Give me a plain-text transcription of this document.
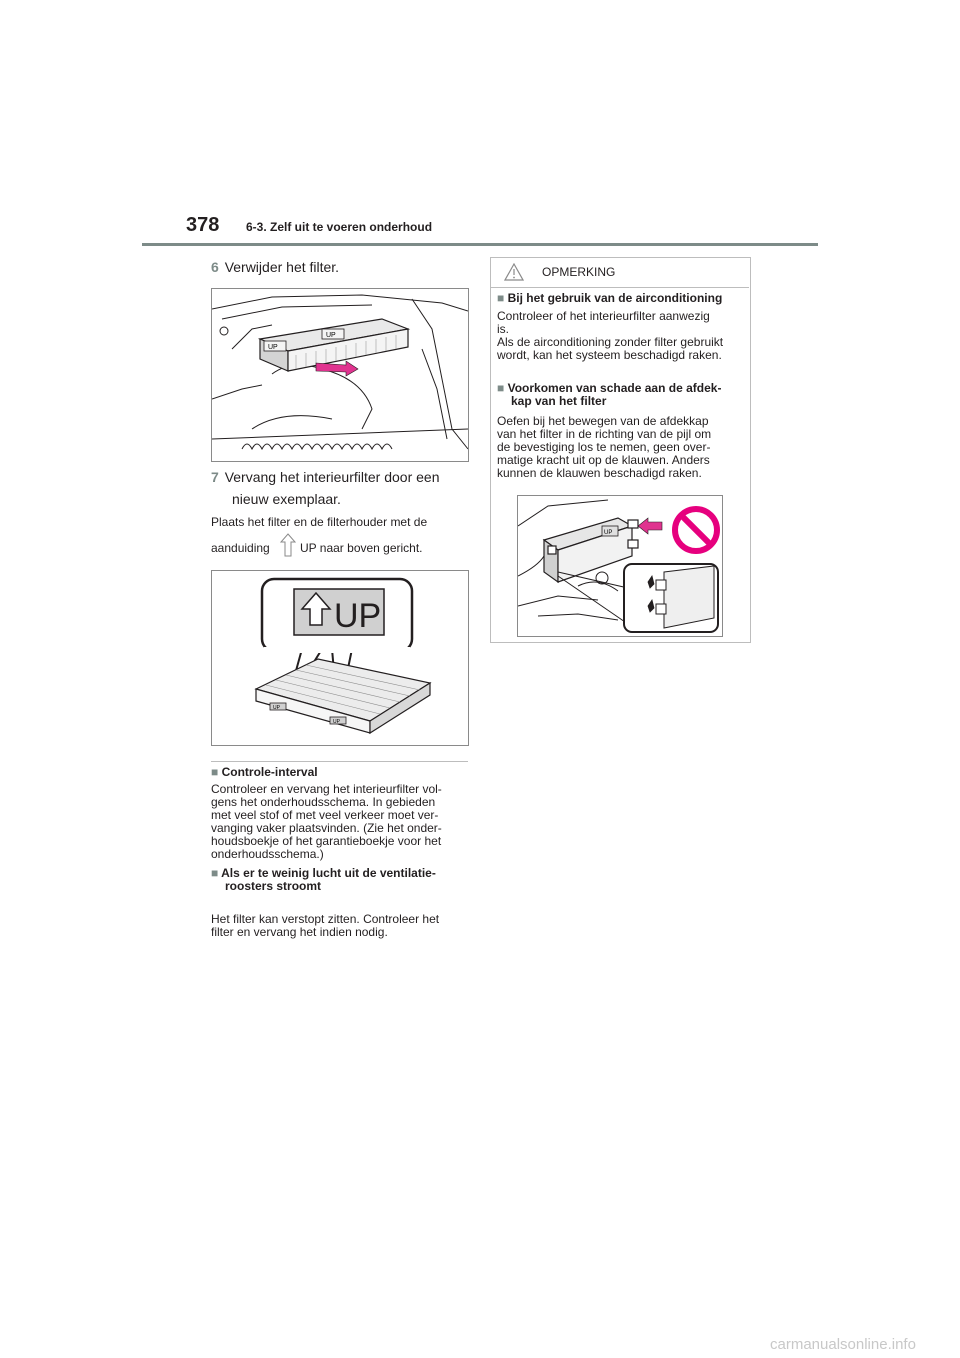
378 6-3. Zelf uit te voeren onderhoud
6 Verwijder het filter.
UP
UP
7 Vervang het interieurfilter door een
nieuw exemplaar.
Plaats het filter en de filterhouder met de
aanduiding	UP naar boven gericht.
UP
UP
UP
■ Controle-interval
Controleer en vervang het interieurfilter vol-
gens het onderhoudsschema. In gebieden
met veel stof of met veel verkeer moet ver-
vanging vaker plaatsvinden. (Zie het onder-
houdsboekje of het garantieboekje voor het
onderhoudsschema.)
■ Als er te weinig lucht uit de ventilatie-
roosters stroomt
Het filter kan verstopt zitten. Controleer het
filter en vervang het indien nodig.
OPMERKING
■ Bij het gebruik van de airconditioning
Controleer of het interieurfilter aanwezig
is.
Als de airconditioning zonder filter gebruikt
wordt, kan het systeem beschadigd raken.
■ Voorkomen van schade aan de afdek-
kap van het filter
Oefen bij het bewegen van de afdekkap
van het filter in de richting van de pijl om
de bevestiging los te nemen, geen over-
matige kracht uit op de klauwen. Anders
kunnen de klauwen beschadigd raken.
UP
carmanualsonline.info
